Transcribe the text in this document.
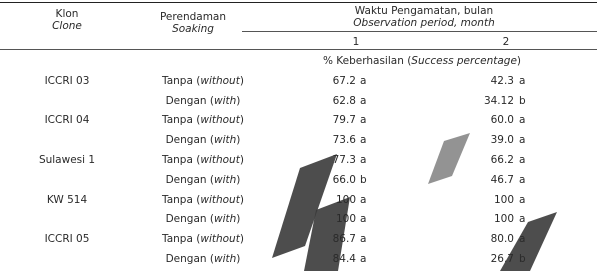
Klon
Clone
Perendaman
Soaking
Waktu Pengamatan, bulan
Observation period, month
1	2
% Keberhasilan (Success percentage)
ICCRI 03	Tanpa (without)	67.2 a	42.3 a
Dengan (with)	62.8 a	34.12 b
ICCRI 04	Tanpa (without)	79.7 a	60.0 a
Dengan (with)	73.6 a	39.0 a
Sulawesi 1	Tanpa (without)	77.3 a	66.2 a
Dengan (with)	66.0 b	46.7 a
KW 514	Tanpa (without)	100 a	100 a
Dengan (with)	100 a	100 a
ICCRI 05	Tanpa (without)	86.7 a	80.0 a
Dengan (with)	84.4 a	26.7 b
